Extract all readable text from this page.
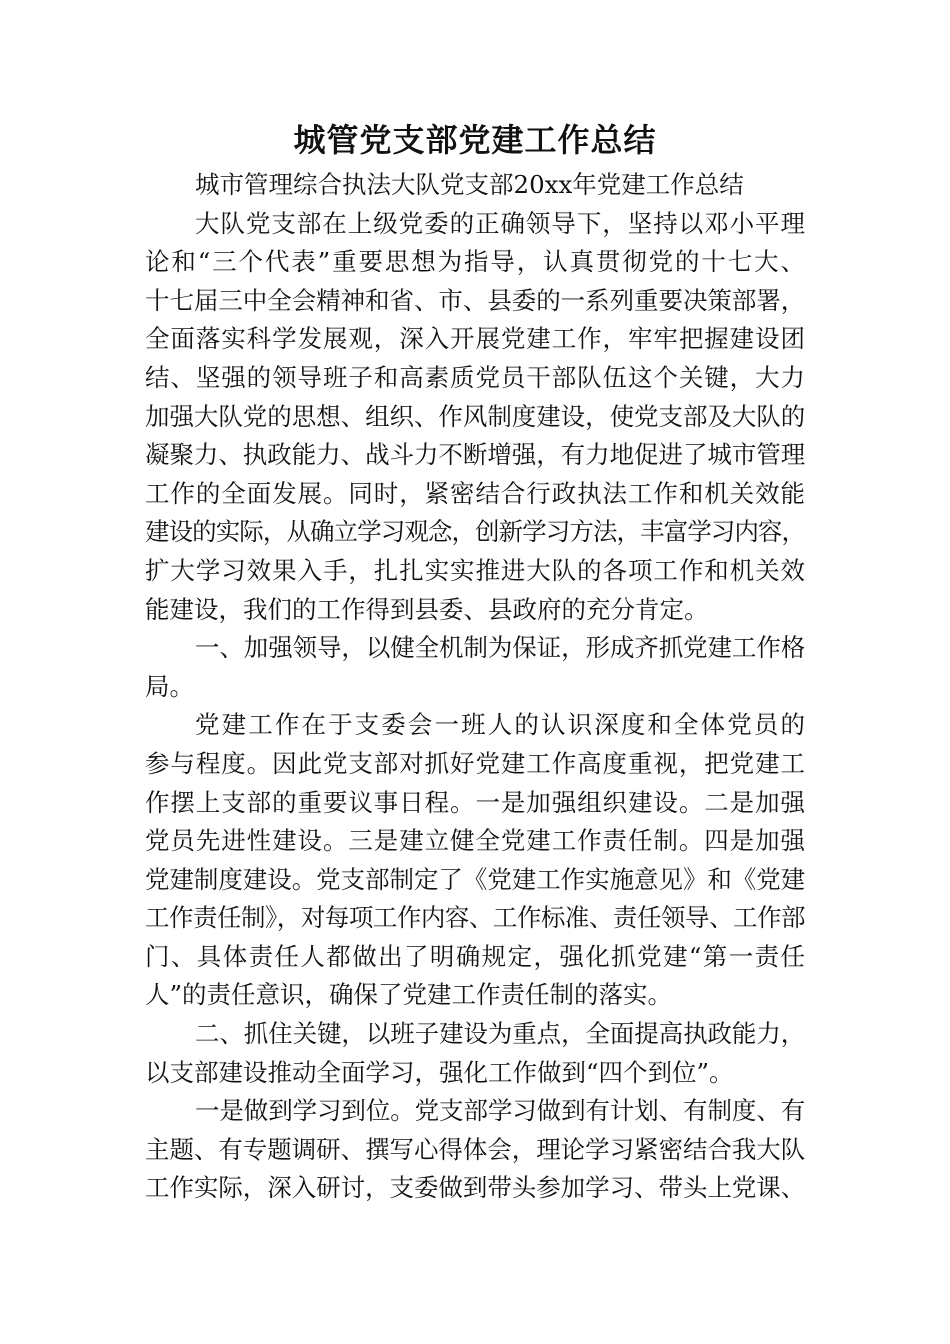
城管党支部党建工作总结
城市管理综合执法大队党支部20xx年党建工作总结
大队党支部在上级党委的正确领导下，坚持以邓小平理
论和“三个代表”重要思想为指导，认真贯彻党的十七大、
十七届三中全会精神和省、市、县委的一系列重要决策部署，
全面落实科学发展观，深入开展党建工作，牢牢把握建设团
结、坚强的领导班子和高素质党员干部队伍这个关键，大力
加强大队党的思想、组织、作风制度建设，使党支部及大队的
凝聚力、执政能力、战斗力不断增强，有力地促进了城市管理
工作的全面发展。同时，紧密结合行政执法工作和机关效能
建设的实际，从确立学习观念，创新学习方法，丰富学习内容，
扩大学习效果入手，扎扎实实推进大队的各项工作和机关效
能建设，我们的工作得到县委、县政府的充分肯定。
一、加强领导，以健全机制为保证，形成齐抓党建工作格
局。
党建工作在于支委会一班人的认识深度和全体党员的
参与程度。因此党支部对抓好党建工作高度重视，把党建工
作摆上支部的重要议事日程。一是加强组织建设。二是加强
党员先进性建设。三是建立健全党建工作责任制。四是加强
党建制度建设。党支部制定了《党建工作实施意见》和《党建
工作责任制》，对每项工作内容、工作标准、责任领导、工作部
门、具体责任人都做出了明确规定，强化抓党建“第一责任
人”的责任意识，确保了党建工作责任制的落实。
二、抓住关键，以班子建设为重点，全面提高执政能力，
以支部建设推动全面学习，强化工作做到“四个到位”。
一是做到学习到位。党支部学习做到有计划、有制度、有
主题、有专题调研、撰写心得体会，理论学习紧密结合我大队
工作实际，深入研讨，支委做到带头参加学习、带头上党课、
